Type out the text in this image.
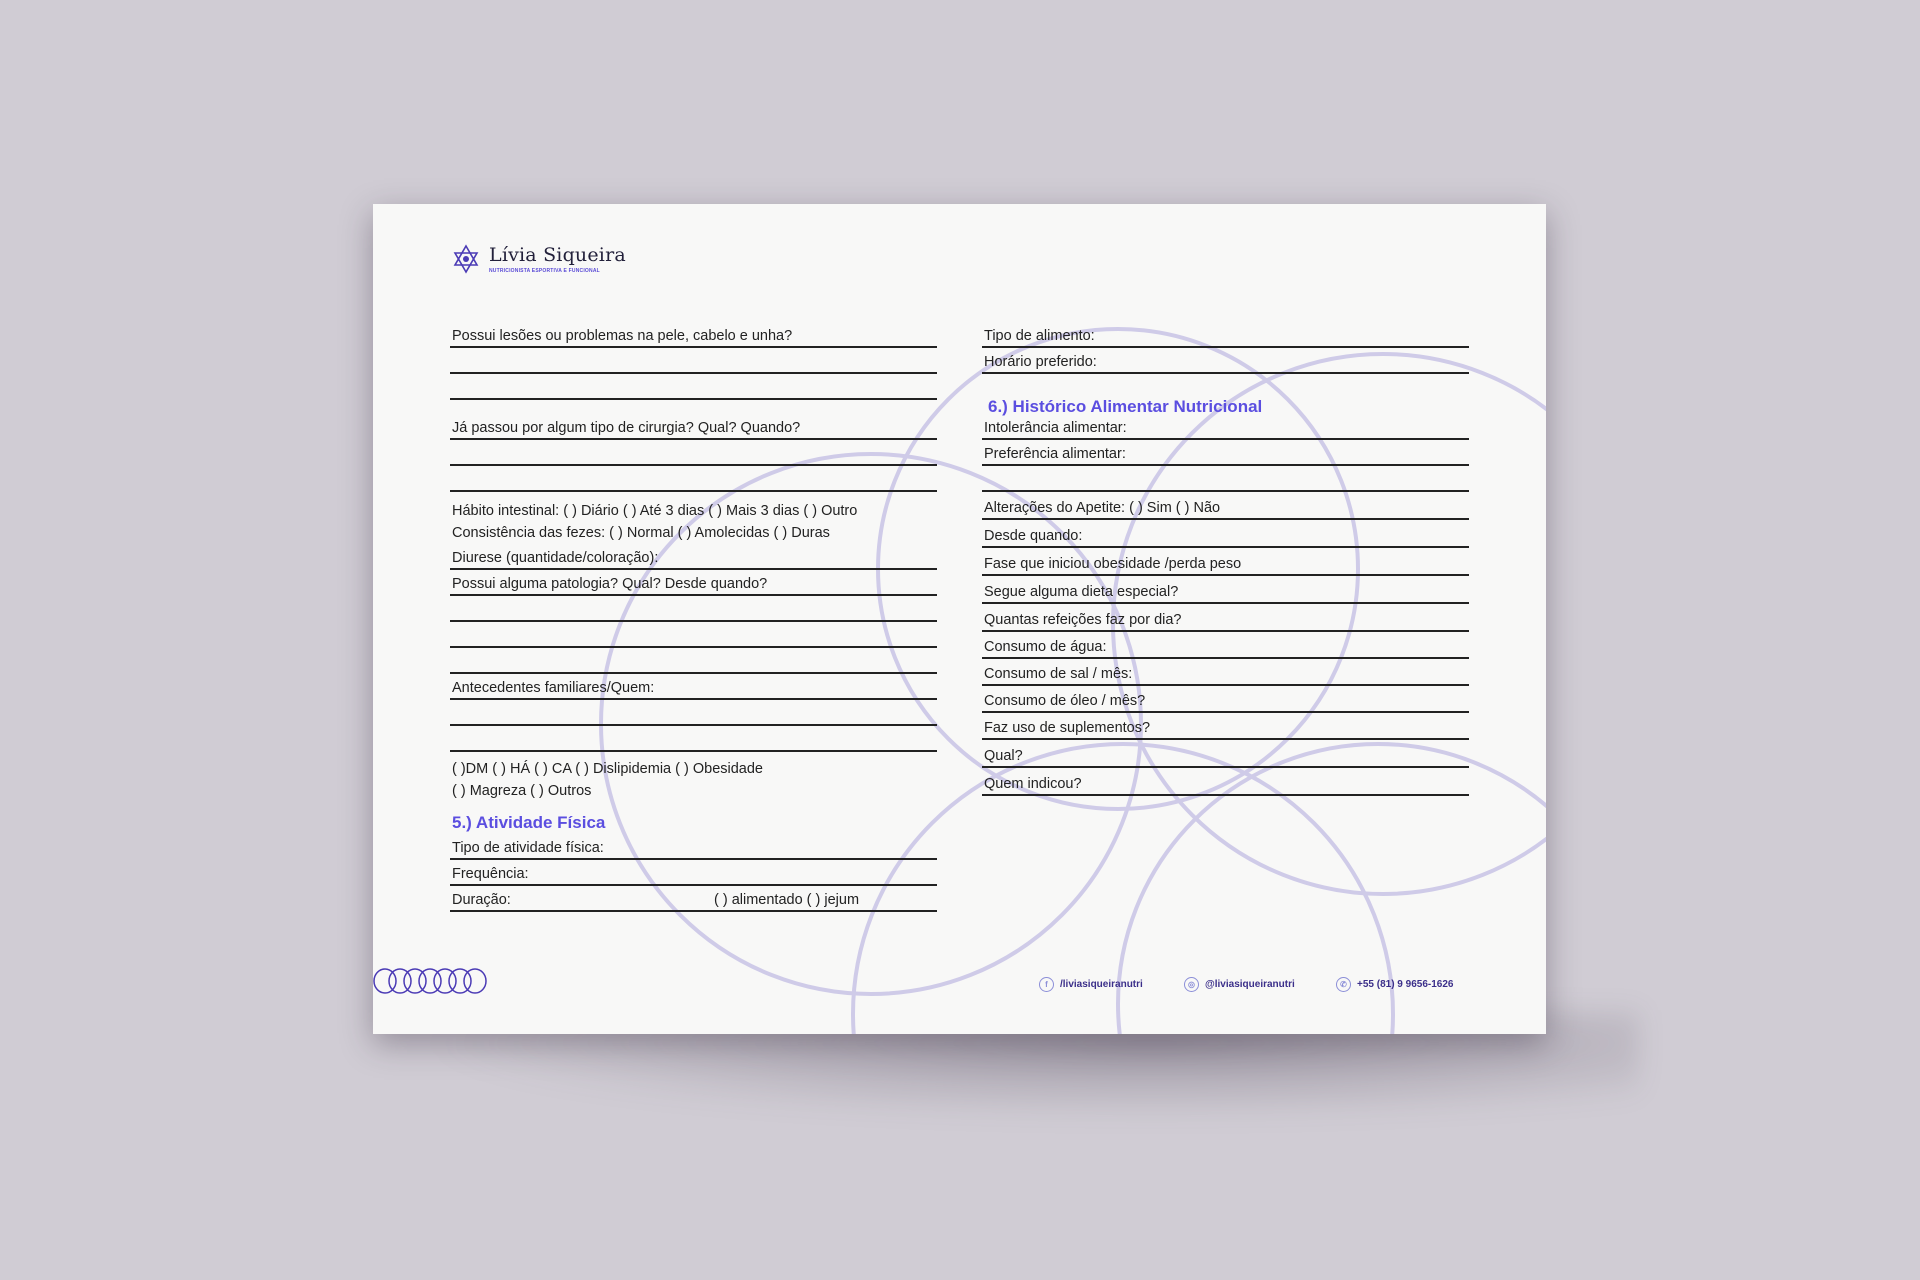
Lívia Siqueira
NUTRICIONISTA ESPORTIVA E FUNCIONAL
Possui lesões ou problemas na pele, cabelo e unha?
Já passou por algum tipo de cirurgia? Qual? Quando?
Hábito intestinal: ( ) Diário ( ) Até 3 dias ( ) Mais 3 dias ( ) Outro
Consistência das fezes: ( ) Normal ( ) Amolecidas ( ) Duras
Diurese (quantidade/coloração):
Possui alguma patologia? Qual? Desde quando?
Antecedentes familiares/Quem:
( )DM ( ) HÁ ( ) CA ( ) Dislipidemia ( ) Obesidade
( ) Magreza ( ) Outros
5.) Atividade Física
Tipo de atividade física:
Frequência:
Duração:	( ) alimentado ( ) jejum
Tipo de alimento:
Horário preferido:
6.) Histórico Alimentar Nutricional
Intolerância alimentar:
Preferência alimentar:
Alterações do Apetite: ( ) Sim ( ) Não
Desde quando:
Fase que iniciou obesidade /perda peso
Segue alguma dieta especial?
Quantas refeições faz por dia?
Consumo de água:
Consumo de sal / mês:
Consumo de óleo / mês?
Faz uso de suplementos?
Qual?
Quem indicou?
f	/liviasiqueiranutri	◎	@liviasiqueiranutri	✆	+55 (81) 9 9656-1626
